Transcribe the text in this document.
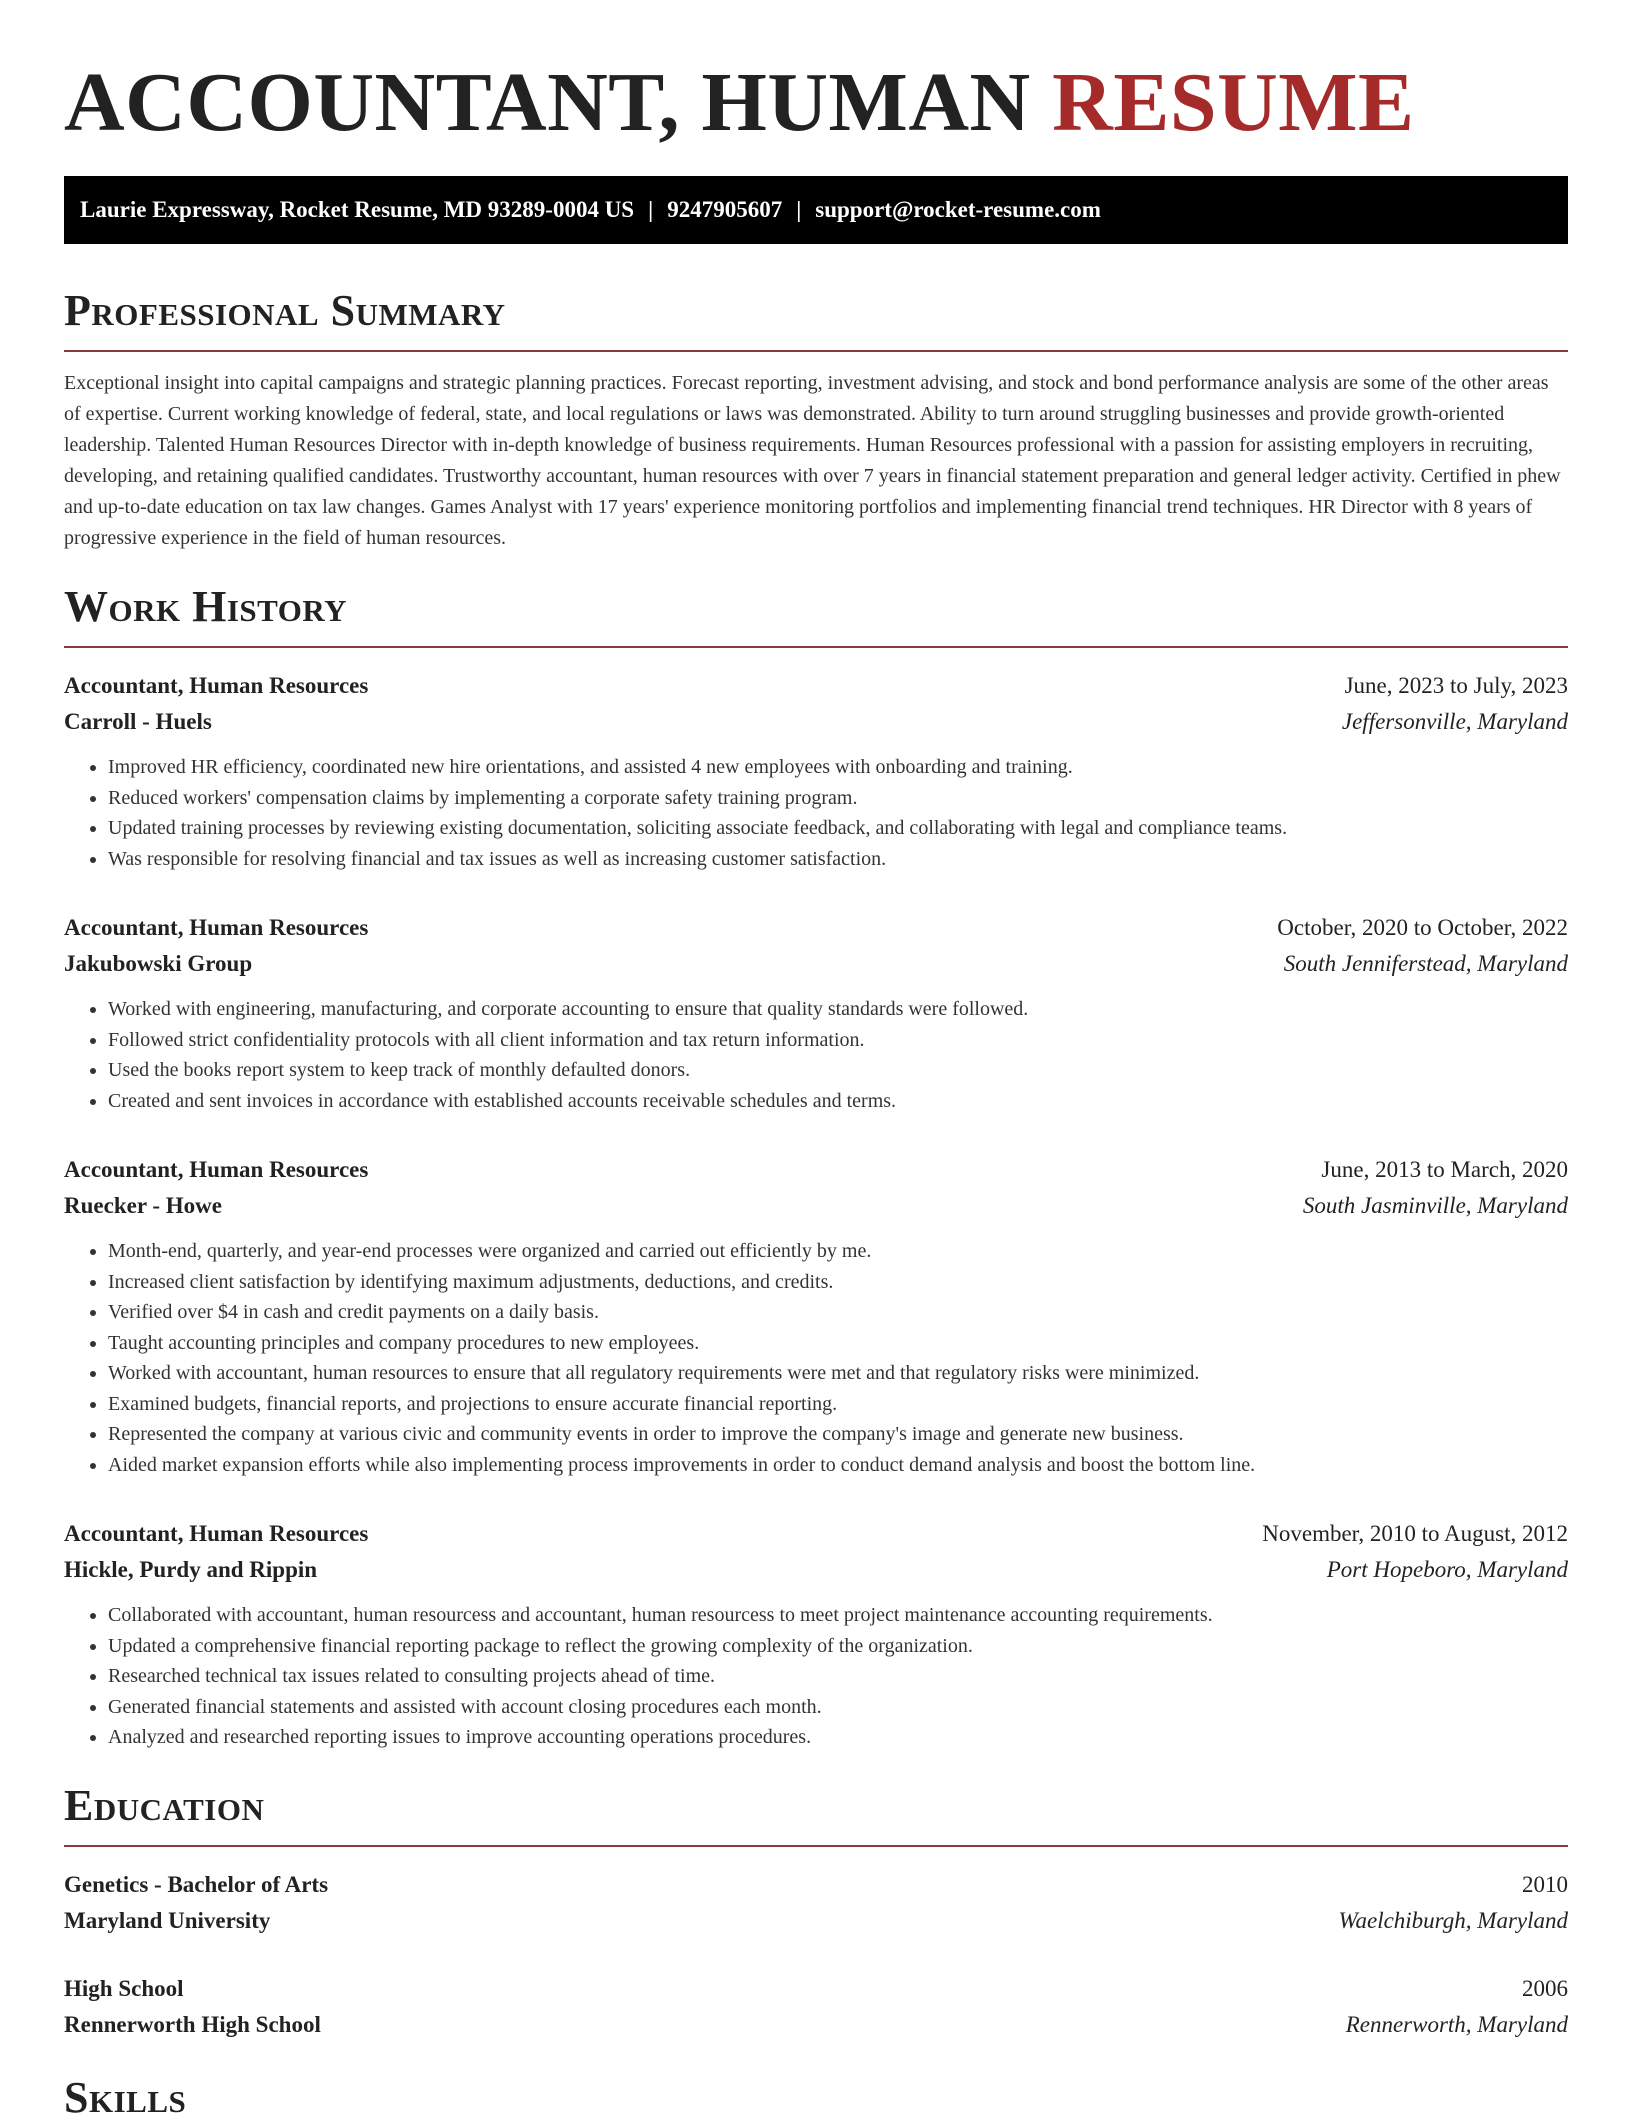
ACCOUNTANT, HUMAN RESUME
Laurie Expressway, Rocket Resume, MD 93289-0004 US | 9247905607 | support@rocket-resume.com
Professional Summary

Exceptional insight into capital campaigns and strategic planning practices. Forecast reporting, investment advising, and stock and bond performance analysis are some of the other areas of expertise. Current working knowledge of federal, state, and local regulations or laws was demonstrated. Ability to turn around struggling businesses and provide growth-oriented leadership. Talented Human Resources Director with in-depth knowledge of business requirements. Human Resources professional with a passion for assisting employers in recruiting, developing, and retaining qualified candidates. Trustworthy accountant, human resources with over 7 years in financial statement preparation and general ledger activity. Certified in phew and up-to-date education on tax law changes. Games Analyst with 17 years' experience monitoring portfolios and implementing financial trend techniques. HR Director with 8 years of progressive experience in the field of human resources.

Work History
Accountant, Human Resources	June, 2023 to July, 2023
Carroll - Huels	Jeffersonville, Maryland
• Improved HR efficiency, coordinated new hire orientations, and assisted 4 new employees with onboarding and training.
• Reduced workers' compensation claims by implementing a corporate safety training program.
• Updated training processes by reviewing existing documentation, soliciting associate feedback, and collaborating with legal and compliance teams.
• Was responsible for resolving financial and tax issues as well as increasing customer satisfaction.
Accountant, Human Resources	October, 2020 to October, 2022
Jakubowski Group	South Jenniferstead, Maryland
• Worked with engineering, manufacturing, and corporate accounting to ensure that quality standards were followed.
• Followed strict confidentiality protocols with all client information and tax return information.
• Used the books report system to keep track of monthly defaulted donors.
• Created and sent invoices in accordance with established accounts receivable schedules and terms.
Accountant, Human Resources	June, 2013 to March, 2020
Ruecker - Howe	South Jasminville, Maryland
• Month-end, quarterly, and year-end processes were organized and carried out efficiently by me.
• Increased client satisfaction by identifying maximum adjustments, deductions, and credits.
• Verified over $4 in cash and credit payments on a daily basis.
• Taught accounting principles and company procedures to new employees.
• Worked with accountant, human resources to ensure that all regulatory requirements were met and that regulatory risks were minimized.
• Examined budgets, financial reports, and projections to ensure accurate financial reporting.
• Represented the company at various civic and community events in order to improve the company's image and generate new business.
• Aided market expansion efforts while also implementing process improvements in order to conduct demand analysis and boost the bottom line.
Accountant, Human Resources	November, 2010 to August, 2012
Hickle, Purdy and Rippin	Port Hopeboro, Maryland
• Collaborated with accountant, human resourcess and accountant, human resourcess to meet project maintenance accounting requirements.
• Updated a comprehensive financial reporting package to reflect the growing complexity of the organization.
• Researched technical tax issues related to consulting projects ahead of time.
• Generated financial statements and assisted with account closing procedures each month.
• Analyzed and researched reporting issues to improve accounting operations procedures.
Education
Genetics - Bachelor of Arts	2010
Maryland University	Waelchiburgh, Maryland
High School	2006
Rennerworth High School	Rennerworth, Maryland
Skills
